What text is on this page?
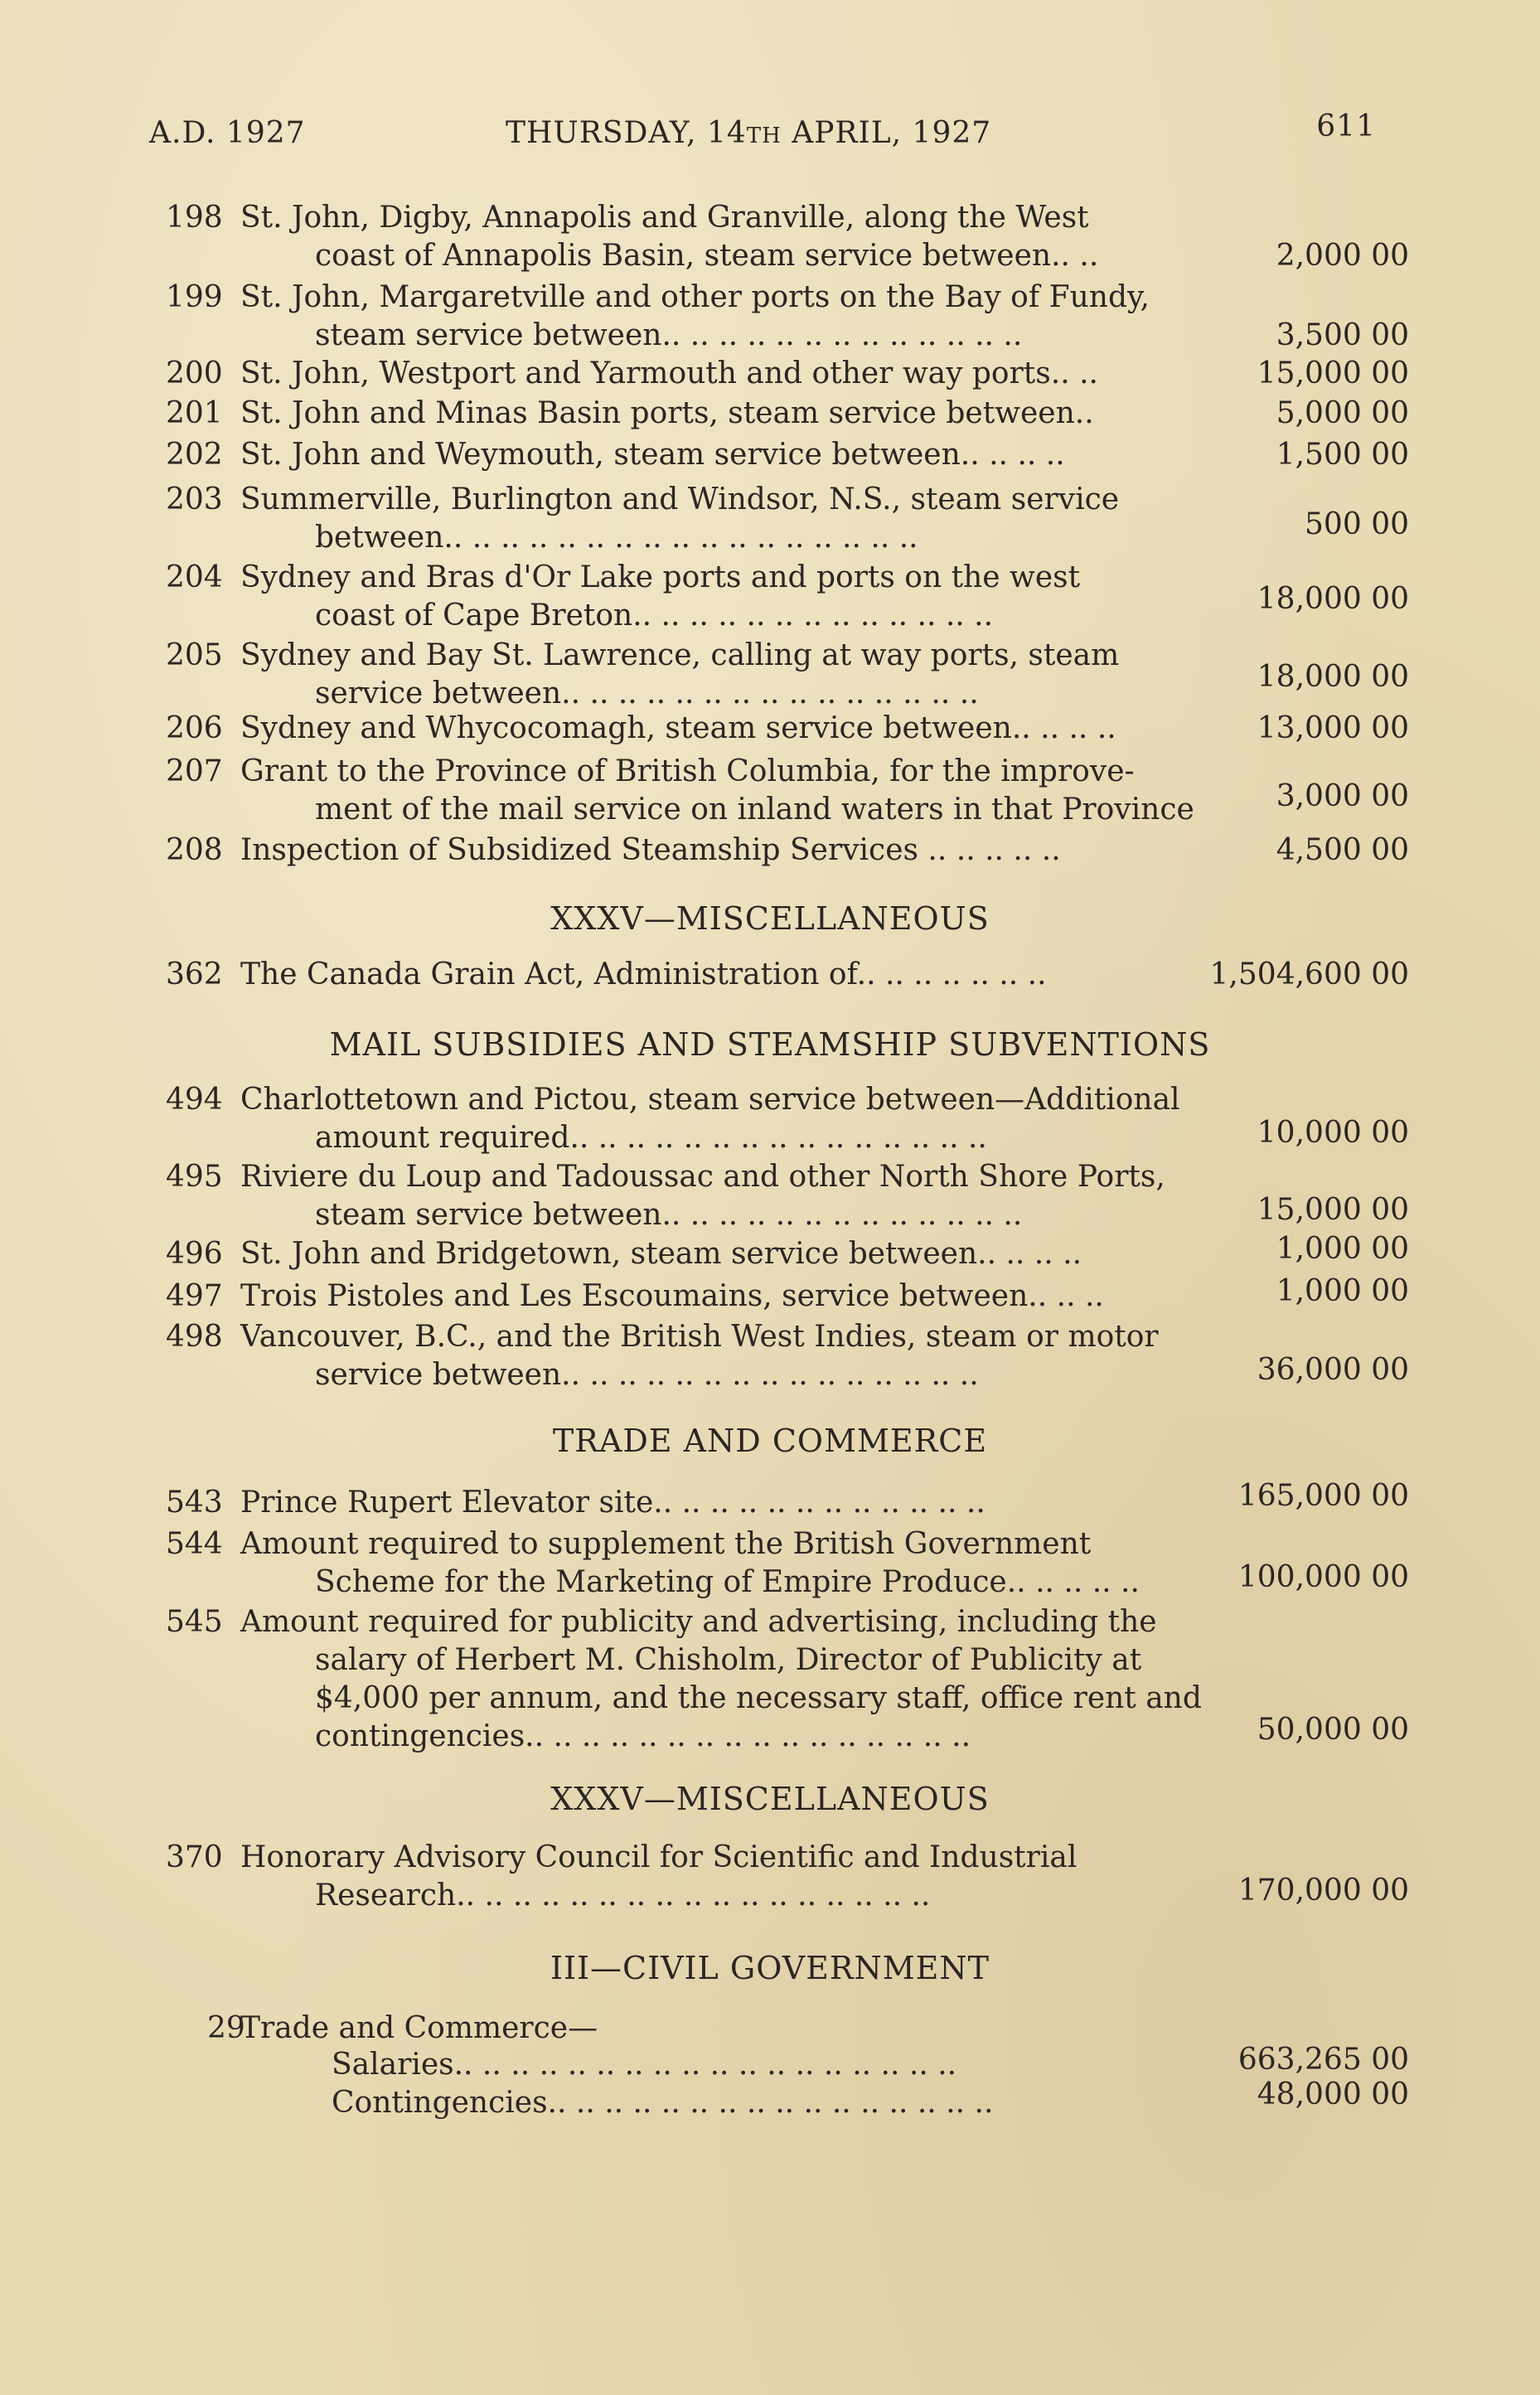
A.D. 1927	THURSDAY, 14TH APRIL, 1927	611
198 St. John, Digby, Annapolis and Granville, along the West
coast of Annapolis Basin, steam service between.. ..	2,000 00
199 St. John, Margaretville and other ports on the Bay of Fundy,
steam service between.. .. .. .. .. .. .. .. .. .. .. .. ..	3,500 00
200 St. John, Westport and Yarmouth and other way ports.. ..	15,000 00
201 St. John and Minas Basin ports, steam service between..	5,000 00
202 St. John and Weymouth, steam service between.. .. .. ..	1,500 00
203 Summerville, Burlington and Windsor, N.S., steam service
between.. .. .. .. .. .. .. .. .. .. .. .. .. .. .. .. ..	500 00
204 Sydney and Bras d'Or Lake ports and ports on the west
coast of Cape Breton.. .. .. .. .. .. .. .. .. .. .. .. ..	18,000 00
205 Sydney and Bay St. Lawrence, calling at way ports, steam
service between.. .. .. .. .. .. .. .. .. .. .. .. .. .. ..	18,000 00
206 Sydney and Whycocomagh, steam service between.. .. .. ..	13,000 00
207 Grant to the Province of British Columbia, for the improve-
ment of the mail service on inland waters in that Province	3,000 00
208 Inspection of Subsidized Steamship Services .. .. .. .. ..	4,500 00
XXXV—MISCELLANEOUS
362 The Canada Grain Act, Administration of.. .. .. .. .. .. ..	1,504,600 00
MAIL SUBSIDIES AND STEAMSHIP SUBVENTIONS
494 Charlottetown and Pictou, steam service between—Additional
amount required.. .. .. .. .. .. .. .. .. .. .. .. .. .. ..	10,000 00
495 Riviere du Loup and Tadoussac and other North Shore Ports,
steam service between.. .. .. .. .. .. .. .. .. .. .. .. ..	15,000 00
496 St. John and Bridgetown, steam service between.. .. .. ..	1,000 00
497 Trois Pistoles and Les Escoumains, service between.. .. ..	1,000 00
498 Vancouver, B.C., and the British West Indies, steam or motor
service between.. .. .. .. .. .. .. .. .. .. .. .. .. .. ..	36,000 00
TRADE AND COMMERCE
543 Prince Rupert Elevator site.. .. .. .. .. .. .. .. .. .. .. ..	165,000 00
544 Amount required to supplement the British Government
Scheme for the Marketing of Empire Produce.. .. .. .. ..	100,000 00
545 Amount required for publicity and advertising, including the
salary of Herbert M. Chisholm, Director of Publicity at
$4,000 per annum, and the necessary staff, office rent and
contingencies.. .. .. .. .. .. .. .. .. .. .. .. .. .. .. ..	50,000 00
XXXV—MISCELLANEOUS
370 Honorary Advisory Council for Scientific and Industrial
Research.. .. .. .. .. .. .. .. .. .. .. .. .. .. .. .. ..	170,000 00
III—CIVIL GOVERNMENT
29
Trade and Commerce—
Salaries.. .. .. .. .. .. .. .. .. .. .. .. .. .. .. .. .. ..	663,265 00
Contingencies.. .. .. .. .. .. .. .. .. .. .. .. .. .. .. ..	48,000 00
